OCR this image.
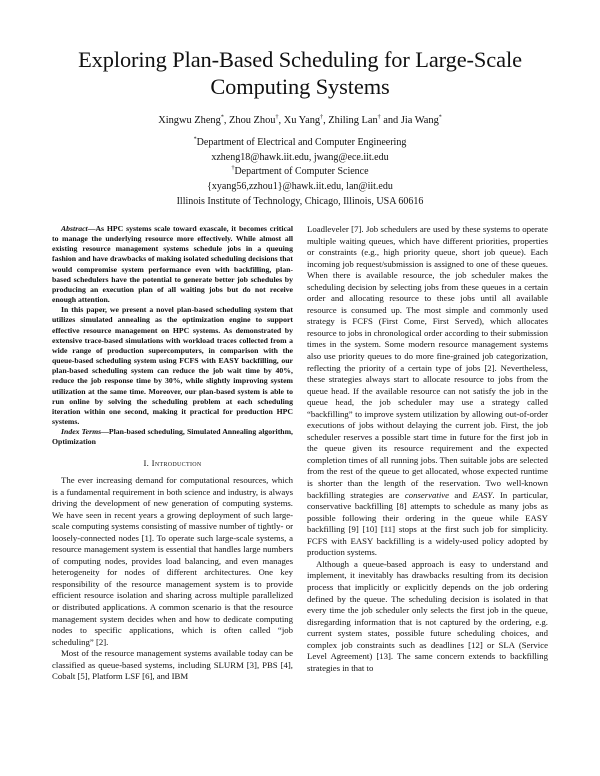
Exploring Plan-Based Scheduling for Large-Scale Computing Systems
Xingwu Zheng*, Zhou Zhou†, Xu Yang†, Zhiling Lan† and Jia Wang*
*Department of Electrical and Computer Engineering
xzheng18@hawk.iit.edu, jwang@ece.iit.edu
†Department of Computer Science
{xyang56,zzhou1}@hawk.iit.edu, lan@iit.edu
Illinois Institute of Technology, Chicago, Illinois, USA 60616

Abstract—As HPC systems scale toward exascale, it becomes critical to manage the underlying resource more effectively. While almost all existing resource management systems schedule jobs in a queuing fashion and have drawbacks of making isolated scheduling decisions that would compromise system performance even with backfilling, plan-based schedulers have the potential to generate better job schedules by producing an execution plan of all waiting jobs but do not receive enough attention.

In this paper, we present a novel plan-based scheduling system that utilizes simulated annealing as the optimization engine to support effective resource management on HPC systems. As demonstrated by extensive trace-based simulations with workload traces collected from a wide range of production supercomputers, in comparison with the queue-based scheduling system using FCFS with EASY backfilling, our plan-based scheduling system can reduce the job wait time by 40%, reduce the job response time by 30%, while slightly improving system utilization at the same time. Moreover, our plan-based system is able to run online by solving the scheduling problem at each scheduling iteration within one second, making it practical for production HPC systems.

Index Terms—Plan-based scheduling, Simulated Annealing algorithm, Optimization

I. Introduction

The ever increasing demand for computational resources, which is a fundamental requirement in both science and industry, is always driving the development of new generation of computing systems. We have seen in recent years a growing deployment of such large-scale computing systems consisting of massive number of tightly- or loosely-connected nodes [1]. To operate such large-scale systems, a resource management system is essential that handles large numbers of computing nodes, provides load balancing, and even manages heterogeneity for nodes of different architectures. One key responsibility of the resource management system is to provide efficient resource isolation and sharing across multiple parallelized or distributed applications. A common scenario is that the resource management system decides when and how to dedicate computing nodes to specific applications, which is often called “job scheduling” [2].

Most of the resource management systems available today can be classified as queue-based systems, including SLURM [3], PBS [4], Cobalt [5], Platform LSF [6], and IBM

Loadleveler [7]. Job schedulers are used by these systems to operate multiple waiting queues, which have different priorities, properties or constraints (e.g., high priority queue, short job queue). Each incoming job request/submission is assigned to one of these queues. When there is available resource, the job scheduler makes the scheduling decision by selecting jobs from these queues in a certain order and allocating resource to these jobs until all available resource is consumed up. The most simple and commonly used strategy is FCFS (First Come, First Served), which allocates resource to jobs in chronological order according to their submission times in the system. Some modern resource management systems also use priority queues to do more fine-grained job categorization, reflecting the priority of a certain type of jobs [2]. Nevertheless, these strategies always start to allocate resource to jobs from the queue head. If the available resource can not satisfy the job in the queue head, the job scheduler may use a strategy called “backfilling” to improve system utilization by allowing out-of-order executions of jobs without delaying the current job. First, the job scheduler reserves a possible start time in future for the first job in the queue given its resource requirement and the expected completion times of all running jobs. Then suitable jobs are selected from the rest of the queue to get allocated, whose expected runtime is shorter than the length of the reservation. Two well-known backfilling strategies are conservative and EASY. In particular, conservative backfilling [8] attempts to schedule as many jobs as possible following their ordering in the queue while EASY backfilling [9] [10] [11] stops at the first such job for simplicity. FCFS with EASY backfilling is a widely-used policy adopted by production systems.

Although a queue-based approach is easy to understand and implement, it inevitably has drawbacks resulting from its decision process that implicitly or explicitly depends on the job ordering defined by the queue. The scheduling decision is isolated in that every time the job scheduler only selects the first job in the queue, disregarding information that is not captured by the ordering, e.g. current system states, possible future scheduling choices, and complex job constraints such as deadlines [12] or SLA (Service Level Agreement) [13]. The same concern extends to backfilling strategies in that to
